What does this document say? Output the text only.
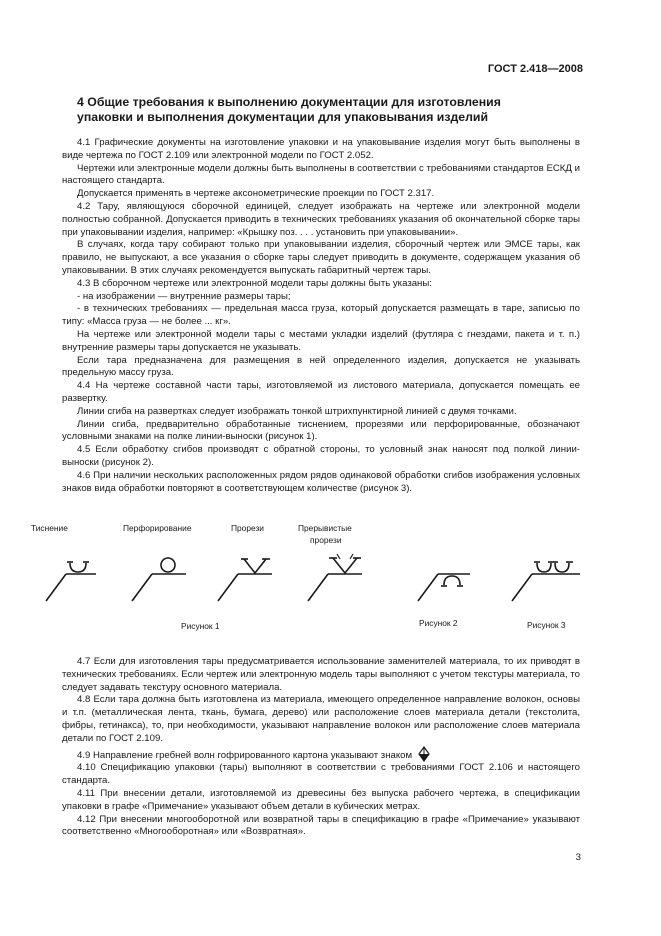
ГОСТ 2.418—2008
4 Общие требования к выполнению документации для изготовления
упаковки и выполнения документации для упаковывания изделий

4.1 Графические документы на изготовление упаковки и на упаковывание изделия могут быть выполнены в виде чертежа по ГОСТ 2.109 или электронной модели по ГОСТ 2.052.

Чертежи или электронные модели должны быть выполнены в соответствии с требованиями стандартов ЕСКД и настоящего стандарта.

Допускается применять в чертеже аксонометрические проекции по ГОСТ 2.317.

4.2 Тару, являющуюся сборочной единицей, следует изображать на чертеже или электронной модели полностью собранной. Допускается приводить в технических требованиях указания об окончательной сборке тары при упаковывании изделия, например: «Крышку поз. . . . установить при упаковывании».

В случаях, когда тару собирают только при упаковывании изделия, сборочный чертеж или ЭМСЕ тары, как правило, не выпускают, а все указания о сборке тары следует приводить в документе, содержащем указания об упаковывании. В этих случаях рекомендуется выпускать габаритный чертеж тары.

4.3 В сборочном чертеже или электронной модели тары должны быть указаны:

- на изображении — внутренние размеры тары;

- в технических требованиях — предельная масса груза, который допускается размещать в таре, записью по типу: «Масса груза — не более ... кг».

На чертеже или электронной модели тары с местами укладки изделий (футляра с гнездами, пакета и т. п.) внутренние размеры тары допускается не указывать.

Если тара предназначена для размещения в ней определенного изделия, допускается не указывать предельную массу груза.

4.4 На чертеже составной части тары, изготовляемой из листового материала, допускается помещать ее развертку.

Линии сгиба на развертках следует изображать тонкой штрихпунктирной линией с двумя точками.

Линии сгиба, предварительно обработанные тиснением, прорезями или перфорированные, обозначают условными знаками на полке линии-выноски (рисунок 1).

4.5 Если обработку сгибов производят с обратной стороны, то условный знак наносят под полкой линии-выноски (рисунок 2).

4.6 При наличии нескольких расположенных рядом рядов одинаковой обработки сгибов изображения условных знаков вида обработки повторяют в соответствующем количестве (рисунок 3).

Тиснение	Перфорирование	Прорези	Прерывистые
прорези
Рисунок 1	Рисунок 2	Рисунок 3

4.7 Если для изготовления тары предусматривается использование заменителей материала, то их приводят в технических требованиях. Если чертеж или электронную модель тары выполняют с учетом текстуры материала, то следует задавать текстуру основного материала.

4.8 Если тара должна быть изготовлена из материала, имеющего определенное направление волокон, основы и т.п. (металлическая лента, ткань, бумага, дерево) или расположение слоев материала детали (текстолита, фибры, гетинакса), то, при необходимости, указывают направление волокон или расположение слоев материала детали по ГОСТ 2.109.

4.9 Направление гребней волн гофрированного картона указывают знаком

4.10 Спецификацию упаковки (тары) выполняют в соответствии с требованиями ГОСТ 2.106 и настоящего стандарта.

4.11 При внесении детали, изготовляемой из древесины без выпуска рабочего чертежа, в спецификации упаковки в графе «Примечание» указывают объем детали в кубических метрах.

4.12 При внесении многооборотной или возвратной тары в спецификацию в графе «Примечание» указывают соответственно «Многооборотная» или «Возвратная».

3
